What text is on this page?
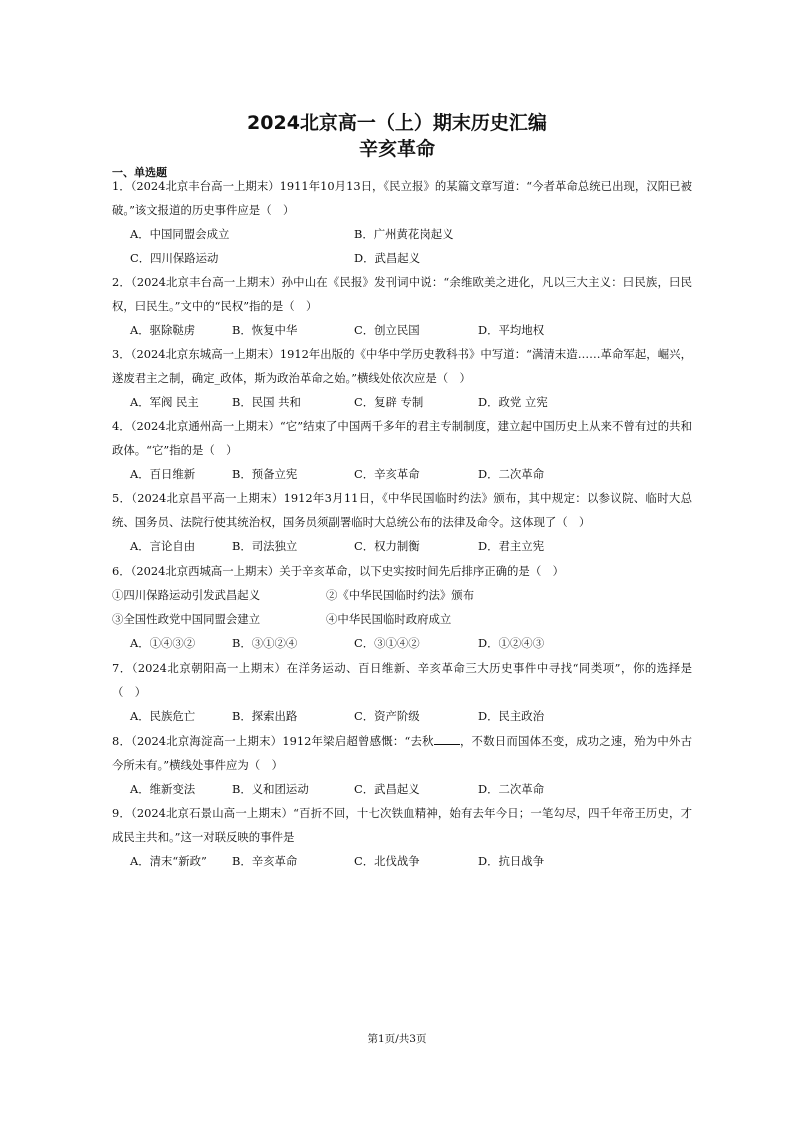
2024北京高一（上）期末历史汇编
辛亥革命
一、单选题

1．（2024北京丰台高一上期末）1911年10月13日，《民立报》的某篇文章写道：“今者革命总统已出现，汉阳已被破。”该文报道的历史事件应是（　）

A．中国同盟会成立	B．广州黄花岗起义
C．四川保路运动	D．武昌起义

2．（2024北京丰台高一上期末）孙中山在《民报》发刊词中说：“余维欧美之进化，凡以三大主义：曰民族，曰民权，曰民生。”文中的“民权”指的是（　）

A．驱除鞑虏	B．恢复中华	C．创立民国	D．平均地权

3．（2024北京东城高一上期末）1912年出版的《中华中学历史教科书》中写道：“满清末造……革命军起，崛兴，遂废君主之制，确定_政体，斯为政治革命之始。”横线处依次应是（　）

A．军阀 民主	B．民国 共和	C．复辟 专制	D．政党 立宪

4．（2024北京通州高一上期末）“它”结束了中国两千多年的君主专制制度，建立起中国历史上从来不曾有过的共和政体。“它”指的是（　）

A．百日维新	B．预备立宪	C．辛亥革命	D．二次革命

5．（2024北京昌平高一上期末）1912年3月11日，《中华民国临时约法》颁布，其中规定：以参议院、临时大总统、国务员、法院行使其统治权，国务员须副署临时大总统公布的法律及命令。这体现了（　）

A．言论自由	B．司法独立	C．权力制衡	D．君主立宪

6．（2024北京西城高一上期末）关于辛亥革命，以下史实按时间先后排序正确的是（　）

①四川保路运动引发武昌起义	②《中华民国临时约法》颁布
③全国性政党中国同盟会建立	④中华民国临时政府成立
A．①④③②	B．③①②④	C．③①④②	D．①②④③

7．（2024北京朝阳高一上期末）在洋务运动、百日维新、辛亥革命三大历史事件中寻找“同类项”，你的选择是（　）

A．民族危亡	B．探索出路	C．资产阶级	D．民主政治

8．（2024北京海淀高一上期末）1912年梁启超曾感慨：“去秋 ，不数日而国体丕变，成功之速，殆为中外古今所未有。”横线处事件应为（　）

A．维新变法	B．义和团运动	C．武昌起义	D．二次革命

9．（2024北京石景山高一上期末）“百折不回，十七次铁血精神，始有去年今日；一笔勾尽，四千年帝王历史，才成民主共和。”这一对联反映的事件是

A．清末“新政” B．辛亥革命	C．北伐战争	D．抗日战争
第1页/共3页
